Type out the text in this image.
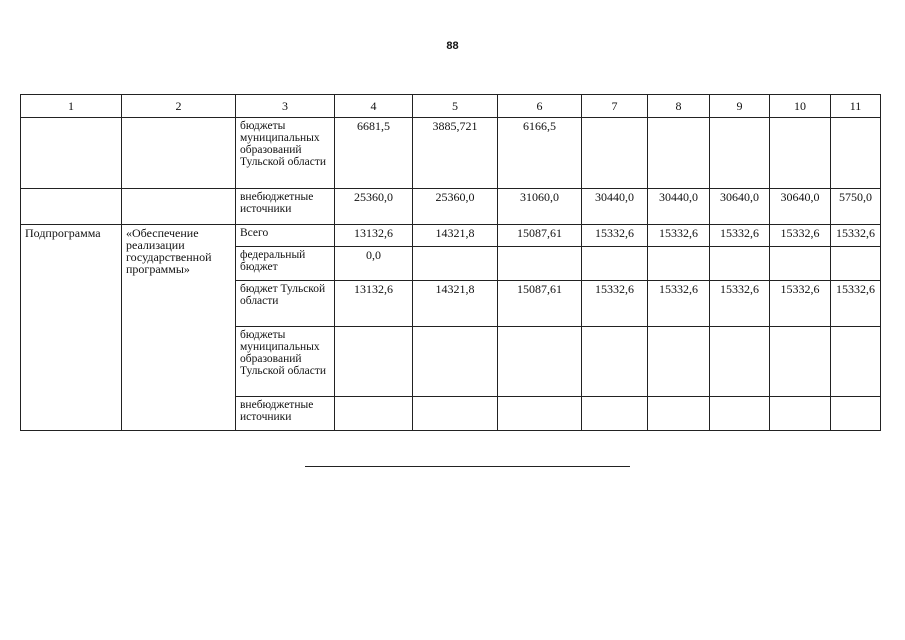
88
1	2	3	4	5	6	7	8	9	10	11
		бюджеты муниципальных образований Тульской области	6681,5	3885,721	6166,5					
		внебюджетные источники	25360,0	25360,0	31060,0	30440,0	30440,0	30640,0	30640,0	5750,0
Подпрограмма	«Обеспечение реализации государственной программы»	Всего	13132,6	14321,8	15087,61	15332,6	15332,6	15332,6	15332,6	15332,6
		федеральный бюджет	0,0							
		бюджет Тульской области	13132,6	14321,8	15087,61	15332,6	15332,6	15332,6	15332,6	15332,6
		бюджеты муниципальных образований Тульской области								
		внебюджетные источники								
